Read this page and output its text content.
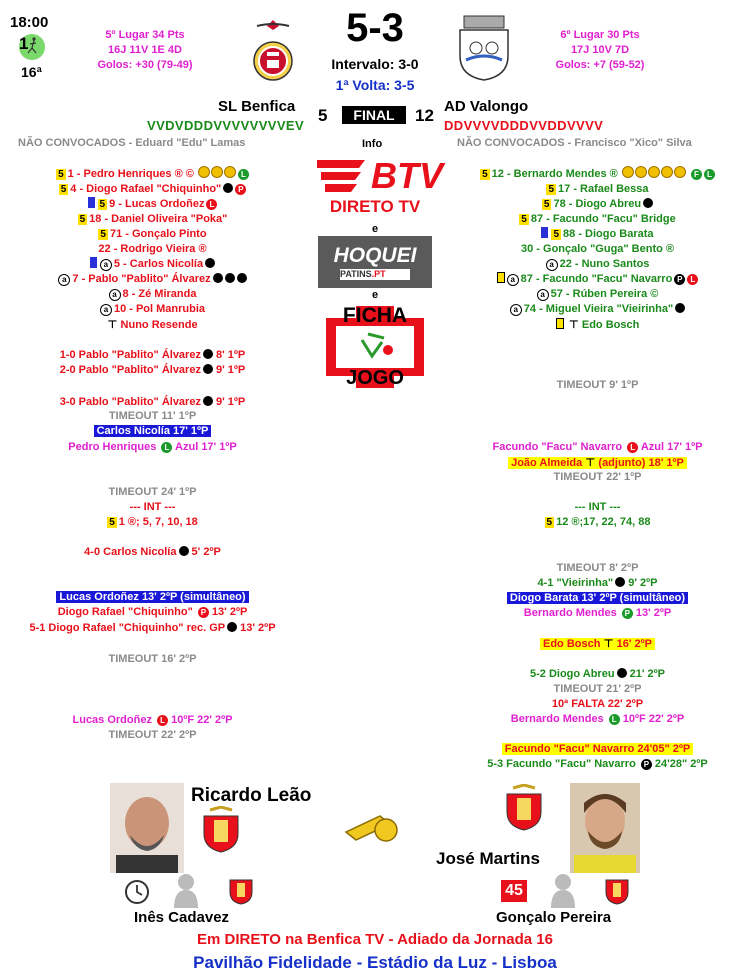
18:00
1
16ª
5º Lugar 34 Pts
16J 11V 1E 4D
Golos: +30 (79-49)
5-3
Intervalo: 3-0
1ª Volta: 3-5
6º Lugar 30 Pts
17J 10V 7D
Golos: +7 (59-52)
SL Benfica 5	FINAL	12 AD Valongo
VVDVDDDVVVVVVVVEV	DDVVVVDDDVVDDVVVV
NÃO CONVOCADOS - Eduard "Edu" Lamas	Info	NÃO CONVOCADOS - Francisco "Xico" Silva
BTV
DIRETO TV
e
HOQUEI
PATINS.PT
e
FICHA
JOGO
5 1 - Pedro Henriques ® ©	L
5 4 - Diogo Rafael "Chiquinho" P
5 9 - Lucas Ordoñez L
5 18 - Daniel Oliveira "Poka"
5 71 - Gonçalo Pinto
22 - Rodrigo Vieira ®
a 5 - Carlos Nicolía
a 7 - Pablo "Pablito" Álvarez
a 8 - Zé Miranda
a 10 - Pol Manrubia
⊤ Nuno Resende
5 12 - Bernardo Mendes ®	F L
5 17 - Rafael Bessa
5 78 - Diogo Abreu
5 87 - Facundo "Facu" Bridge
5 88 - Diogo Barata
30 - Gonçalo "Guga" Bento ®
a 22 - Nuno Santos
a 87 - Facundo "Facu" Navarro P L
a 57 - Rúben Pereira ©
a 74 - Miguel Vieira "Vieirinha"
⊤ Edo Bosch
1-0 Pablo "Pablito" Álvarez 8' 1ºP
2-0 Pablo "Pablito" Álvarez 9' 1ºP
3-0 Pablo "Pablito" Álvarez 9' 1ºP
TIMEOUT 11' 1ºP
Carlos Nicolía 17' 1ºP
Pedro Henriques L Azul 17' 1ºP
TIMEOUT 24' 1ºP
--- INT ---
5 1 ®; 5, 7, 10, 18
4-0 Carlos Nicolía 5' 2ºP
Lucas Ordoñez 13' 2ºP (simultâneo)
Diogo Rafael "Chiquinho" P 13' 2ºP
5-1 Diogo Rafael "Chiquinho" rec. GP 13' 2ºP
TIMEOUT 16' 2ºP
Lucas Ordoñez L 10ºF 22' 2ºP
TIMEOUT 22' 2ºP
TIMEOUT 9' 1ºP
Facundo "Facu" Navarro L Azul 17' 1ºP
João Almeida ⊤ (adjunto) 18' 1ºP
TIMEOUT 22' 1ºP
--- INT ---
5 12 ®;17, 22, 74, 88
TIMEOUT 8' 2ºP
4-1 "Vieirinha" 9' 2ºP
Diogo Barata 13' 2ºP (simultâneo)
Bernardo Mendes P 13' 2ºP
Edo Bosch ⊤ 16' 2ºP
5-2 Diogo Abreu 21' 2ºP
TIMEOUT 21' 2ºP
10ª FALTA 22' 2ºP
Bernardo Mendes L 10ºF 22' 2ºP
Facundo "Facu" Navarro 24'05" 2ºP
5-3 Facundo "Facu" Navarro P 24'28" 2ºP
Ricardo Leão
José Martins
Inês Cadavez
45
Gonçalo Pereira
Em DIRETO na Benfica TV - Adiado da Jornada 16
Pavilhão Fidelidade - Estádio da Luz - Lisboa
